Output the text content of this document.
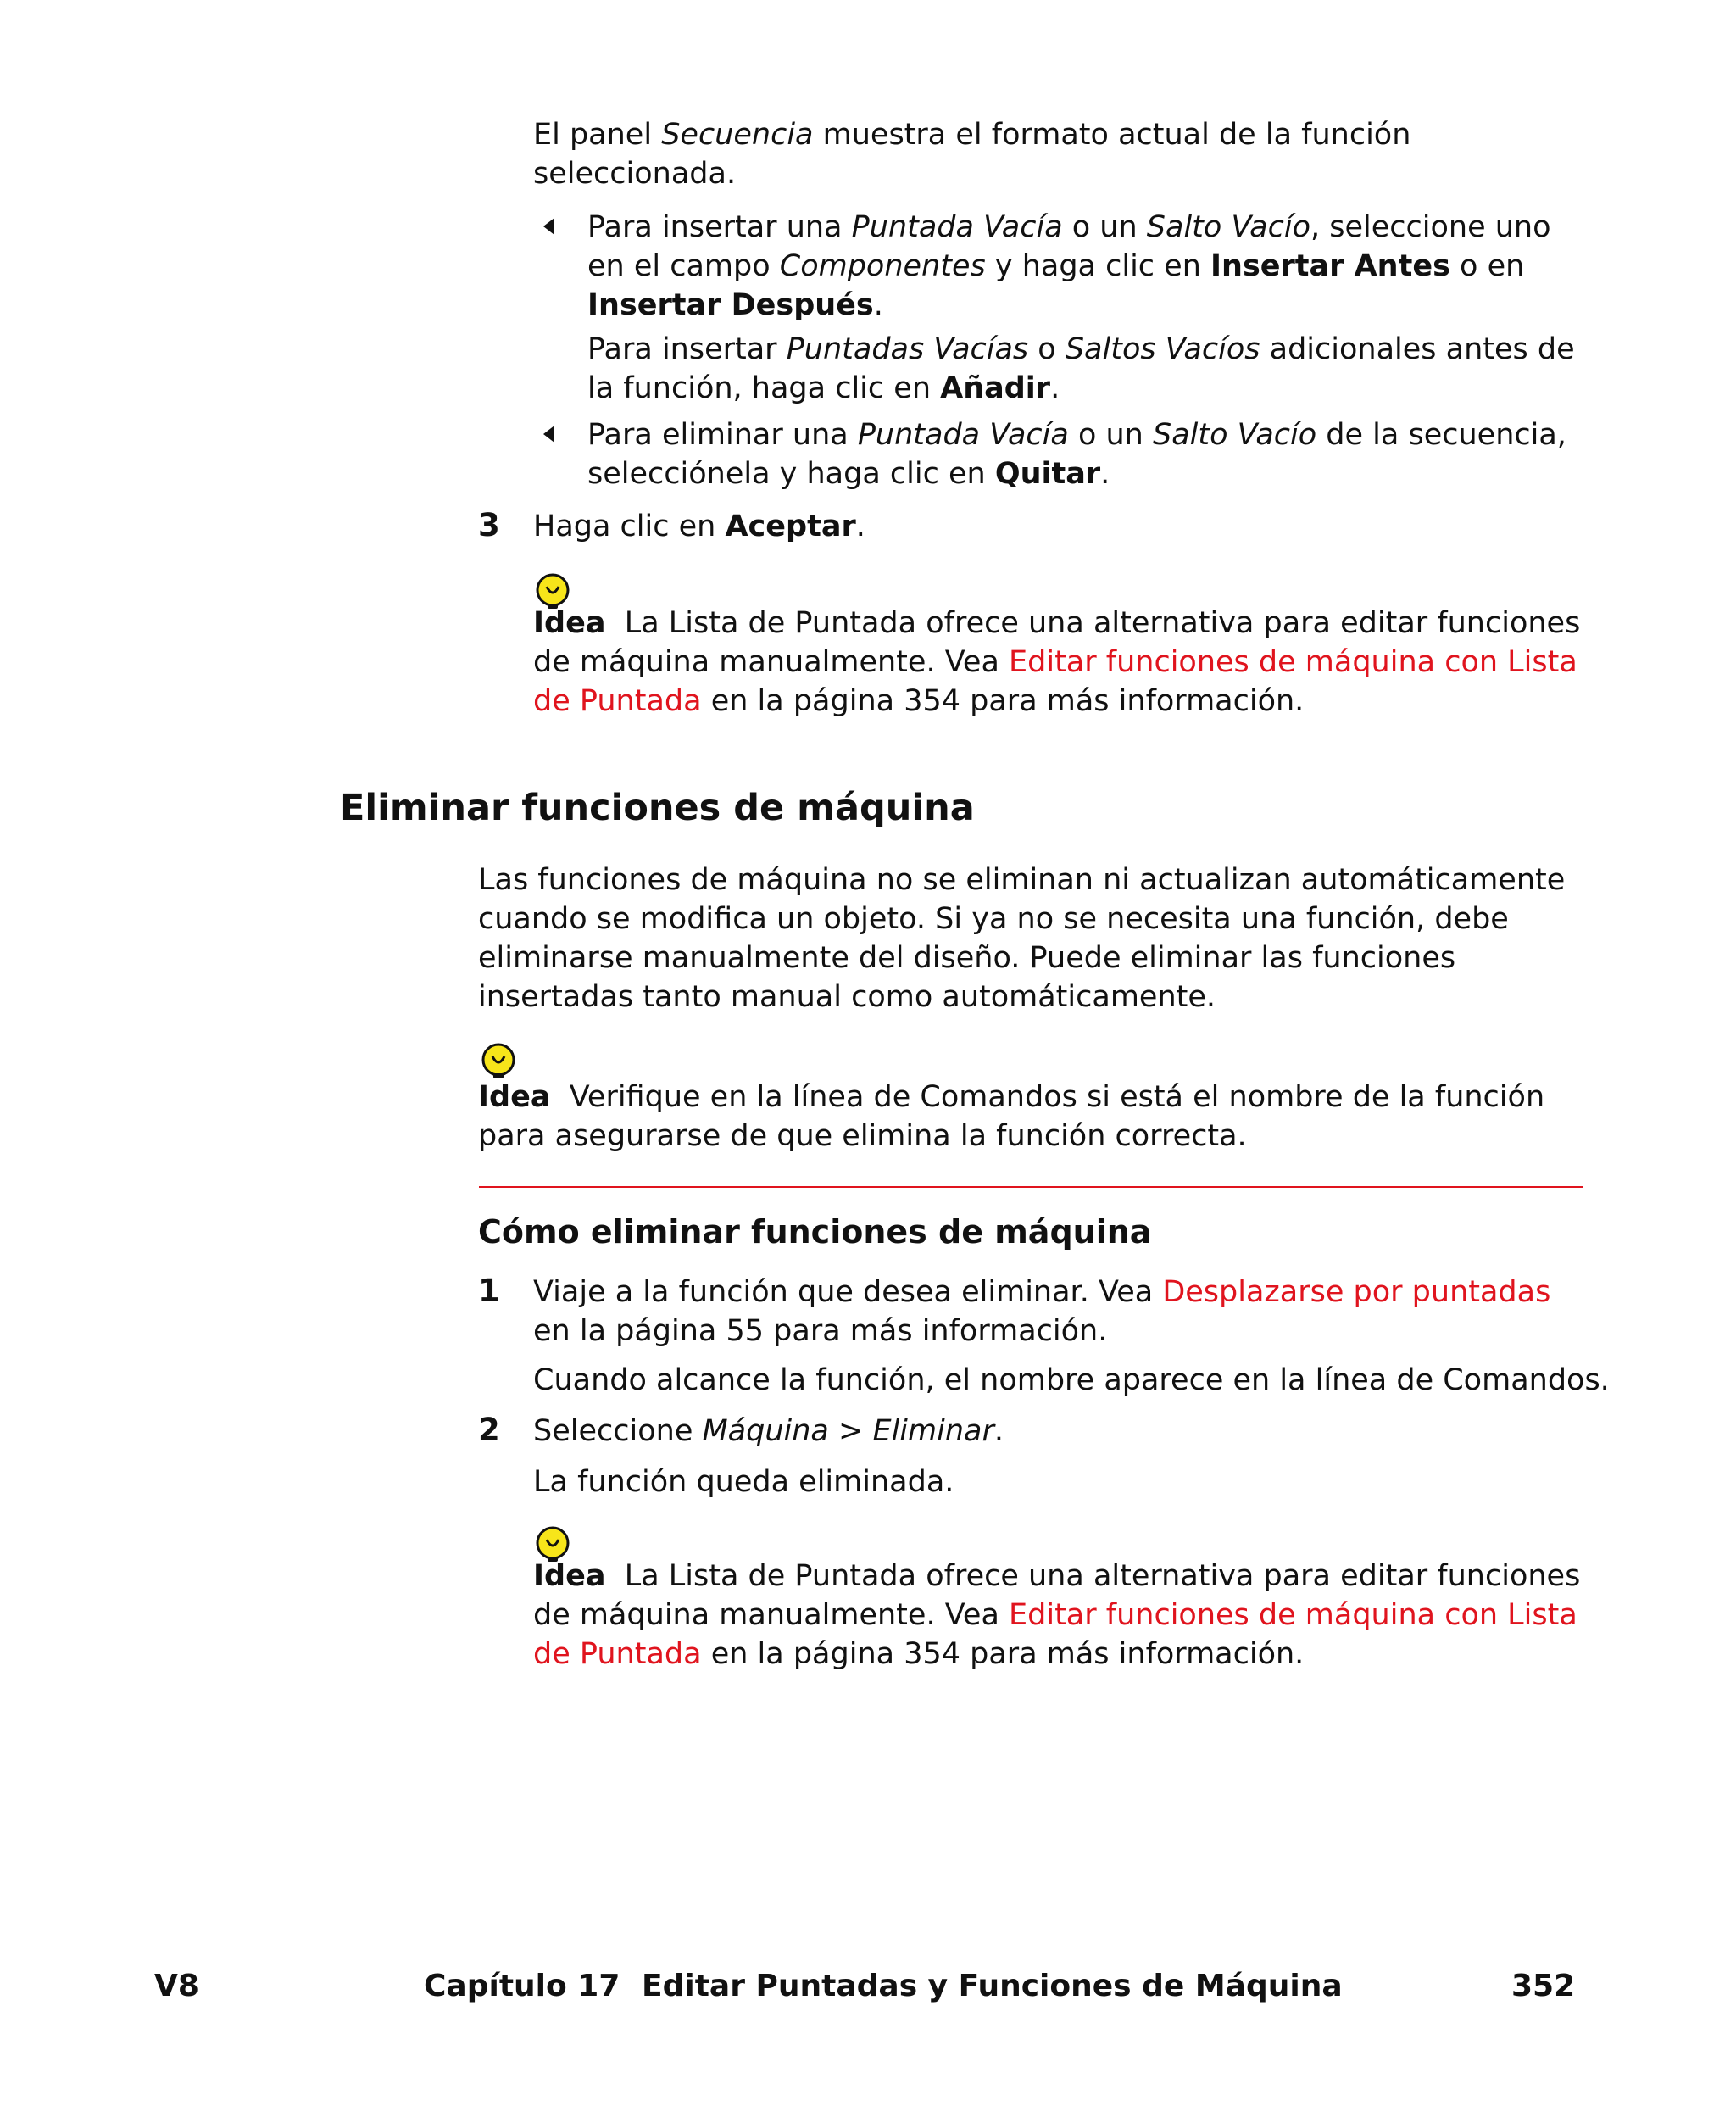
El panel Secuencia muestra el formato actual de la función seleccionada.

Para insertar una Puntada Vacía o un Salto Vacío, seleccione uno en el campo Componentes y haga clic en Insertar Antes o en Insertar Después.

Para insertar Puntadas Vacías o Saltos Vacíos adicionales antes de la función, haga clic en Añadir.

Para eliminar una Puntada Vacía o un Salto Vacío de la secuencia, selecciónela y haga clic en Quitar.

3 Haga clic en Aceptar.

Idea  La Lista de Puntada ofrece una alternativa para editar funciones de máquina manualmente. Vea Editar funciones de máquina con Lista de Puntada en la página 354 para más información.

Eliminar funciones de máquina

Las funciones de máquina no se eliminan ni actualizan automáticamente cuando se modifica un objeto. Si ya no se necesita una función, debe eliminarse manualmente del diseño. Puede eliminar las funciones insertadas tanto manual como automáticamente.

Idea  Verifique en la línea de Comandos si está el nombre de la función para asegurarse de que elimina la función correcta.

Cómo eliminar funciones de máquina
1 Viaje a la función que desea eliminar. Vea Desplazarse por puntadas en la página 55 para más información.

Cuando alcance la función, el nombre aparece en la línea de Comandos.

2 Seleccione Máquina > Eliminar.

La función queda eliminada.

Idea  La Lista de Puntada ofrece una alternativa para editar funciones de máquina manualmente. Vea Editar funciones de máquina con Lista de Puntada en la página 354 para más información.

V8	Capítulo 17 Editar Puntadas y Funciones de Máquina	352
